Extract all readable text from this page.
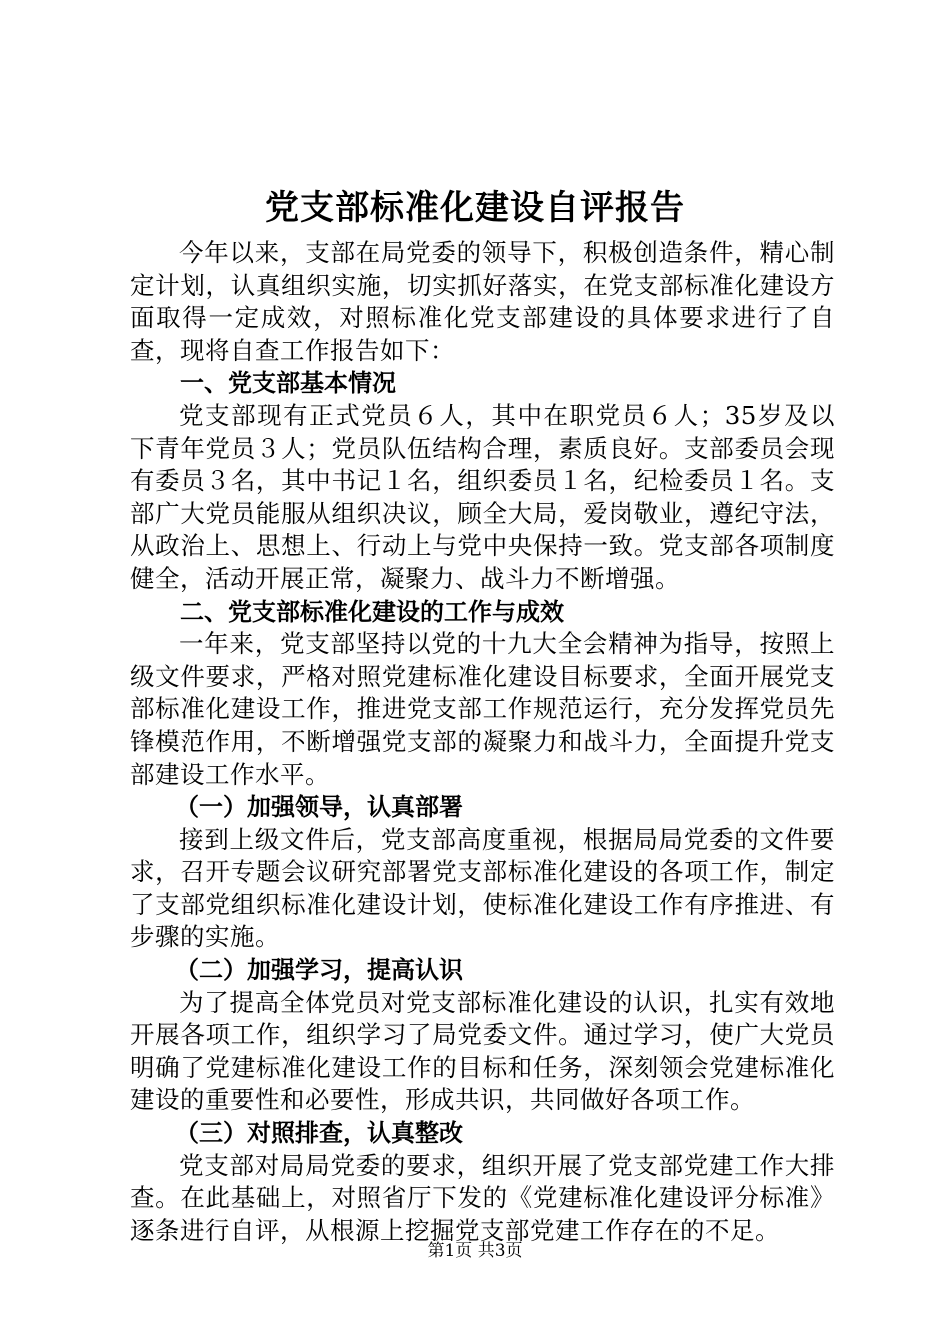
党支部标准化建设自评报告

今年以来，支部在局党委的领导下，积极创造条件，精心制定计划，认真组织实施，切实抓好落实，在党支部标准化建设方面取得一定成效，对照标准化党支部建设的具体要求进行了自查，现将自查工作报告如下：

一、党支部基本情况

党支部现有正式党员６人，其中在职党员６人；35岁及以下青年党员３人；党员队伍结构合理，素质良好。支部委员会现有委员３名，其中书记１名，组织委员１名，纪检委员１名。支部广大党员能服从组织决议，顾全大局，爱岗敬业，遵纪守法，从政治上、思想上、行动上与党中央保持一致。党支部各项制度健全，活动开展正常，凝聚力、战斗力不断增强。

二、党支部标准化建设的工作与成效

一年来，党支部坚持以党的十九大全会精神为指导，按照上级文件要求，严格对照党建标准化建设目标要求，全面开展党支部标准化建设工作，推进党支部工作规范运行，充分发挥党员先锋模范作用，不断增强党支部的凝聚力和战斗力，全面提升党支部建设工作水平。

（一）加强领导，认真部署

接到上级文件后，党支部高度重视，根据局局党委的文件要求，召开专题会议研究部署党支部标准化建设的各项工作，制定了支部党组织标准化建设计划，使标准化建设工作有序推进、有步骤的实施。

（二）加强学习，提高认识

为了提高全体党员对党支部标准化建设的认识，扎实有效地开展各项工作，组织学习了局党委文件。通过学习，使广大党员明确了党建标准化建设工作的目标和任务，深刻领会党建标准化建设的重要性和必要性，形成共识，共同做好各项工作。

（三）对照排查，认真整改

党支部对局局党委的要求，组织开展了党支部党建工作大排查。在此基础上，对照省厅下发的《党建标准化建设评分标准》逐条进行自评，从根源上挖掘党支部党建工作存在的不足。

第1页 共3页
